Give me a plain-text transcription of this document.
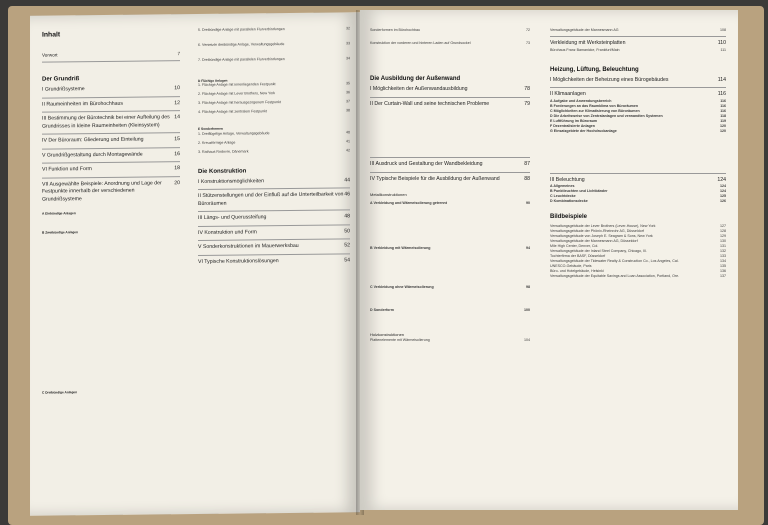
Inhalt
Vorwort	7
Der Grundriß
I Grundrißsysteme	10
II Raumeinheiten im Bürohochhaus	12
III Bestimmung der Bürotechnik bei einer Aufteilung des Grundrisses in kleine Raumeinheiten (Kleinsystem)
14
IV Der Büroraum: Gliederung und Einteilung	15
V Grundrißgestaltung durch Montagewände	16
VI Funktion und Form	18
VII Ausgewählte Beispiele: Anordnung und Lage der Festpunkte innerhalb der verschiedenen Grundrißsysteme
20
A Einbündige Anlagen

B Zweibündige Anlagen
C Dreibündige Anlagen
5. Dreibündige Anlage mit parallelen Flurverbindungen	32
6. Versetzte dreibündige Anlage, Verwaltungsgebäude	33
7. Dreibündige Anlage mit parallelen Flurverbindungen	34
D Flächige Anlagen
1. Flächige Anlage mit innenliegenden Festpunkt	35
2. Flächige Anlage mit Lever Brothers, New York	36
3. Flächige Anlage mit herausgezogenem Festpunkt	37
4. Flächige Anlage mit zentralem Festpunkt	38
E Sonderformen
1. Dreiflügelige Anlage, Verwaltungsgebäude	40
2. Kreuzförmige Anlage	41
3. Rathaus Rodovre, Dänemark	42
Die Konstruktion
I Konstruktionsmöglichkeiten	44
II Stützenstellungen und der Einfluß auf die Unterteilbarkeit von Büroräumen
46
III Längs- und Querussteifung	48
IV Konstruktion und Form	50
V Sonderkonstruktionen im Mauerwerksbau	52
VI Typische Konstruktionslösungen	54
Sonderformen im Bürohochbau	72
Konstruktion der vorderen und hinteren Laden auf Grundsockel	73
Die Ausbildung der Außenwand
I Möglichkeiten der Außenwandausbildung	78
II Der Curtain-Wall und seine technischen Probleme	79
III Ausdruck und Gestaltung der Wandbekleidung	87
IV Typische Beispiele für die Ausbildung der Außenwand	88
Metallkonstruktionen
A Verkleidung und Wärmeisolierung getrennt	90
B Verkleidung mit Wärmeisolierung	94
C Verkleidung ohne Wärmeisolierung	98
D Sonderform	100
Holzkonstruktionen
Plattenelemente mit Wärmeisolierung	104
Verwaltungsgebäude der Mannesmann AG	108
Verkleidung mit Werksteinplatten	110
Bürohaus Franz Bamanicke, Frankfurt/Main	111
Heizung, Lüftung, Beleuchtung
I Möglichkeiten der Beheizung eines Bürogebäudes	114
II Klimaanlagen	116
A Aufgabe und Anwendungsbereich	116
B Forderungen an das Raumklima von Büroräumen	116
C Möglichkeiten zur Klimatisierung von Büroräumen	116
D Die Arbeitsweise von Zentralanlagen und verwandten Systemen	118
E Luftführung im Büroraum	119
F Dezentralisierte Anlagen	120
G Einsatzgebiete der Hochdruckanlage	120
III Beleuchtung	124
A Allgemeines	124
B Punktleuchten und Lichtbänder	124
C Leuchtdecke	125
D Kombinationsdecke	126
Bildbeispiele
Verwaltungsgebäude der Lever Brothers (Lever-House), New York	127
Verwaltungsgebäude der Phönix-Rheinrohr AG, Düsseldorf	128
Verwaltungsgebäude von Joseph E. Seagram & Sons, New York	129
Verwaltungsgebäude der Mannesmann AG, Düsseldorf	130
Mile High Center, Denver, Col.	131
Verwaltungsgebäude der Inland Steel Company, Chicago, Ill.	132
Tochterfirma der BASF, Düsseldorf	133
Verwaltungsgebäude der Tidewater Realty & Construction Co., Los Angeles, Cal.	134
UNESCO-Gebäude, Paris	135
Büro- und Hotelgebäude, Helsinki	136
Verwaltungsgebäude der Equitable Savings and Loan Association, Portland, Ore.	137
